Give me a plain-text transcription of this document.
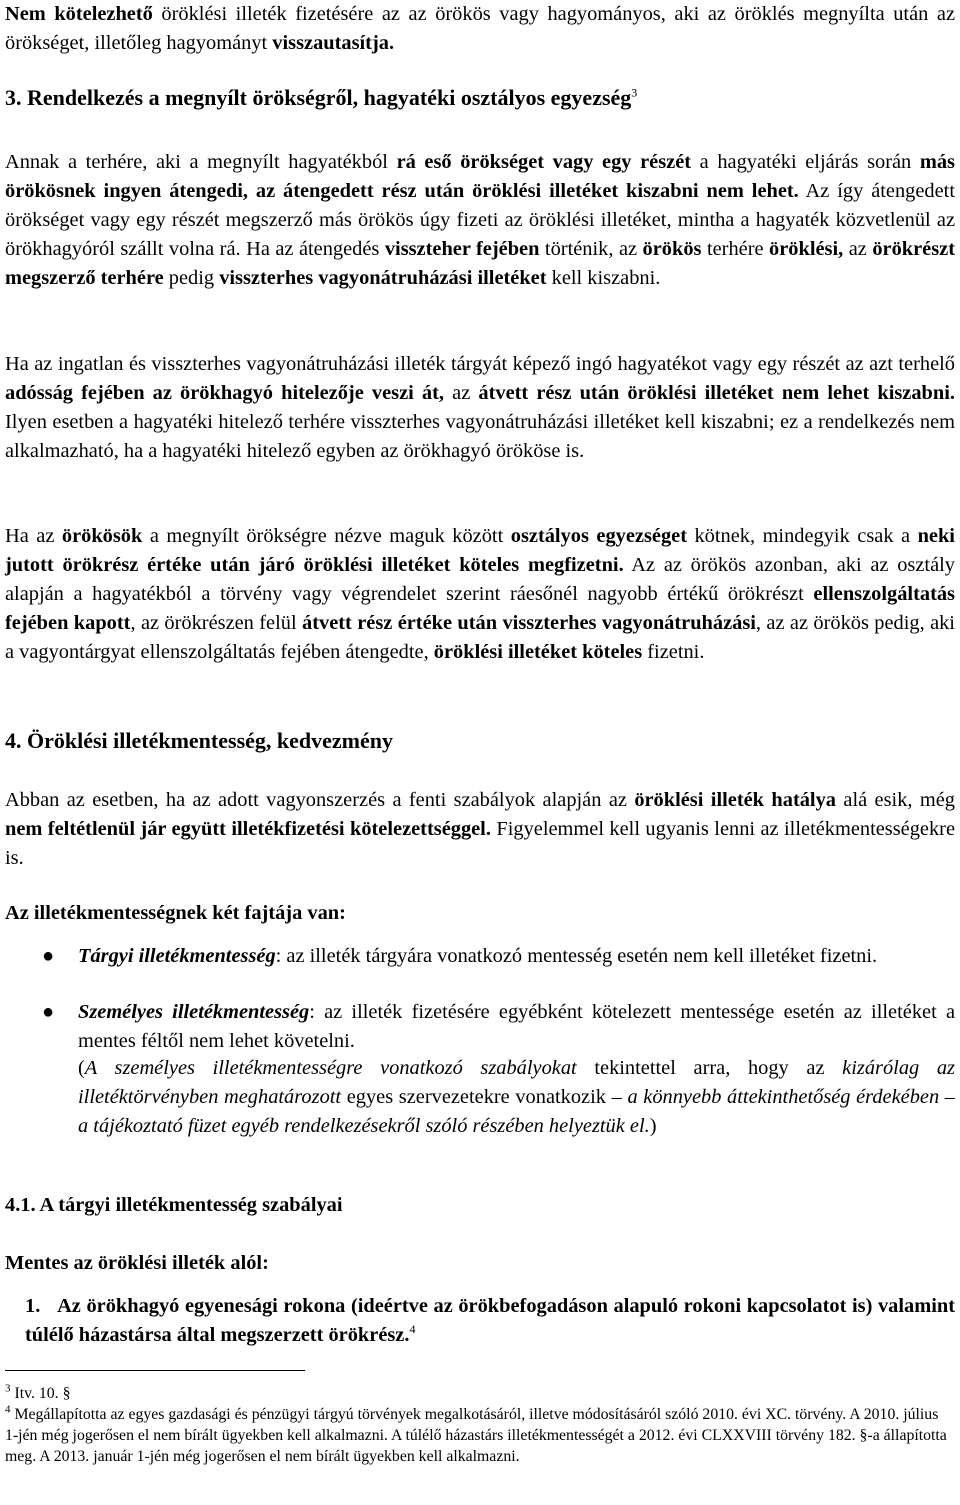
Nem kötelezhető öröklési illeték fizetésére az az örökös vagy hagyományos, aki az öröklés megnyílta után az örökséget, illetőleg hagyományt visszautasítja.

3. Rendelkezés a megnyílt örökségről, hagyatéki osztályos egyezség$^3$

Annak a terhére, aki a megnyílt hagyatékból rá eső örökséget vagy egy részét a hagyatéki eljárás során más örökösnek ingyen átengedi, az átengedett rész után öröklési illetéket kiszabni nem lehet. Az így átengedett örökséget vagy egy részét megszerző más örökös úgy fizeti az öröklési illetéket, mintha a hagyaték közvetlenül az örökhagyóról szállt volna rá. Ha az átengedés visszteher fejében történik, az örökös terhére öröklési, az örökrészt megszerző terhére pedig visszterhes vagyonátruházási illetéket kell kiszabni.

Ha az ingatlan és visszterhes vagyonátruházási illeték tárgyát képező ingó hagyatékot vagy egy részét az azt terhelő adósság fejében az örökhagyó hitelezője veszi át, az átvett rész után öröklési illetéket nem lehet kiszabni. Ilyen esetben a hagyatéki hitelező terhére visszterhes vagyonátruházási illetéket kell kiszabni; ez a rendelkezés nem alkalmazható, ha a hagyatéki hitelező egyben az örökhagyó örököse is.

Ha az örökösök a megnyílt örökségre nézve maguk között osztályos egyezséget kötnek, mindegyik csak a neki jutott örökrész értéke után járó öröklési illetéket köteles megfizetni. Az az örökös azonban, aki az osztály alapján a hagyatékból a törvény vagy végrendelet szerint ráesőnél nagyobb értékű örökrészt ellenszolgáltatás fejében kapott, az örökrészen felül átvett rész értéke után visszterhes vagyonátruházási, az az örökös pedig, aki a vagyontárgyat ellenszolgáltatás fejében átengedte, öröklési illetéket köteles fizetni.

4. Öröklési illetékmentesség, kedvezmény

Abban az esetben, ha az adott vagyonszerzés a fenti szabályok alapján az öröklési illeték hatálya alá esik, még nem feltétlenül jár együtt illetékfizetési kötelezettséggel. Figyelemmel kell ugyanis lenni az illetékmentességekre is.

Az illetékmentességnek két fajtája van:

● Tárgyi illetékmentesség: az illeték tárgyára vonatkozó mentesség esetén nem kell illetéket fizetni.
● Személyes illetékmentesség: az illeték fizetésére egyébként kötelezett mentessége esetén az illetéket a mentes féltől nem lehet követelni.

(A személyes illetékmentességre vonatkozó szabályokat tekintettel arra, hogy az kizárólag az illetéktörvényben meghatározott egyes szervezetekre vonatkozik – a könnyebb áttekinthetőség érdekében – a tájékoztató füzet egyéb rendelkezésekről szóló részében helyeztük el.)

4.1. A tárgyi illetékmentesség szabályai

Mentes az öröklési illeték alól:

1. Az örökhagyó egyenesági rokona (ideértve az örökbefogadáson alapuló rokoni kapcsolatot is) valamint túlélő házastársa által megszerzett örökrész.$^4$
$^3$ Itv. 10. §
$^4$ Megállapította az egyes gazdasági és pénzügyi tárgyú törvények megalkotásáról, illetve módosításáról szóló 2010. évi XC. törvény. A 2010. július 1-jén még jogerősen el nem bírált ügyekben kell alkalmazni. A túlélő házastárs illetékmentességét a 2012. évi CLXXVIII törvény 182. §-a állapította meg. A 2013. január 1-jén még jogerősen el nem bírált ügyekben kell alkalmazni.
